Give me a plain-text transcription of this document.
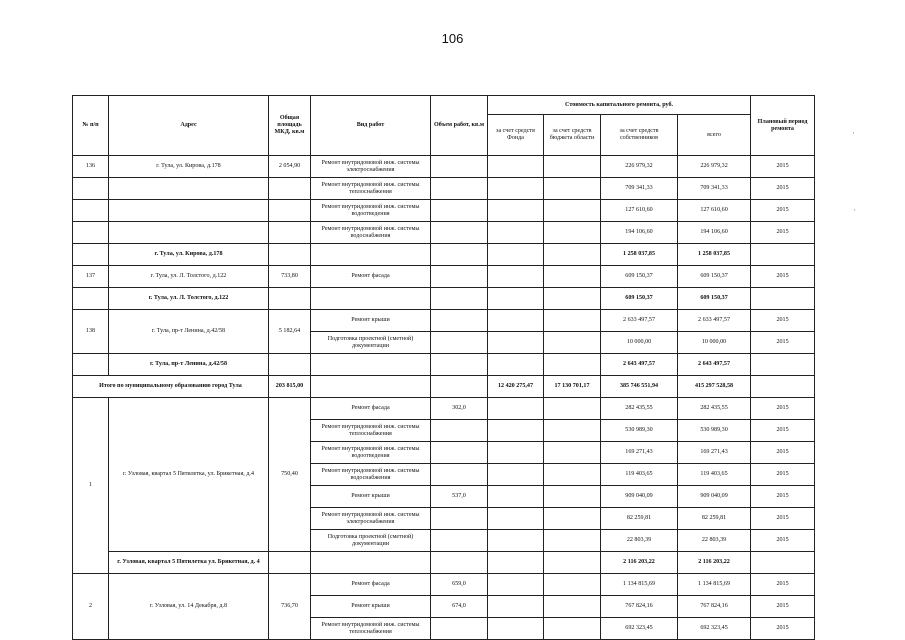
106
·
·
№ п/п	Адрес	Общая площадь МКД, кв.м	Вид работ	Объем работ, кв.м	Стоимость капитального ремонта, руб.				Плановый период ремонта
					за счет средств Фонда	за счет средств бюджета области	за счет средств собственников	всего	
136	г. Тула, ул. Кирова, д.178	2 054,90	Ремонт внутридомовой инж. системы электроснабжения				226 979,32	226 979,32	2015
			Ремонт внутридомовой инж. системы теплоснабжения				709 341,33	709 341,33	2015
			Ремонт внутридомовой инж. системы водоотведения				127 610,60	127 610,60	2015
			Ремонт внутридомовой инж. системы водоснабжения				194 106,60	194 106,60	2015
	г. Тула, ул. Кирова, д.178						1 258 037,85	1 258 037,85	
137	г. Тула, ул. Л. Толстого, д.122	733,80	Ремонт фасада				609 150,37	609 150,37	2015
	г. Тула, ул. Л. Толстого, д.122						609 150,37	609 150,37	
138	г. Тула, пр-т Ленина, д.42/58	5 182,64	Ремонт крыши				2 633 497,57	2 633 497,57	2015
			Подготовка проектной (сметной) документации				10 000,00	10 000,00	2015
	г. Тула, пр-т Ленина, д.42/58						2 643 497,57	2 643 497,57	
Итого по муниципальному образованию город Тула		203 815,00			12 420 275,47	17 130 701,17	385 746 551,94	415 297 528,58	
1	г. Узловая, квартал 5 Пятилетка, ул. Брикетная, д.4	750,40	Ремонт фасада	302,0			282 435,55	282 435,55	2015
			Ремонт внутридомовой инж. системы теплоснабжения				530 989,30	530 989,30	2015
			Ремонт внутридомовой инж. системы водоотведения				169 271,43	169 271,43	2015
			Ремонт внутридомовой инж. системы водоснабжения				119 403,65	119 403,65	2015
			Ремонт крыши	537,0			909 040,09	909 040,09	2015
			Ремонт внутридомовой инж. системы электроснабжения				82 259,81	82 259,81	2015
			Подготовка проектной (сметной) документации				22 803,39	22 803,39	2015
	г. Узловая, квартал 5 Пятилетка ул. Брикетная, д. 4						2 116 203,22	2 116 203,22	
2	г. Узловая, ул. 14 Декабря, д.8	736,70	Ремонт фасада	659,0			1 134 815,69	1 134 815,69	2015
			Ремонт крыши	674,0			767 824,16	767 824,16	2015
			Ремонт внутридомовой инж. системы теплоснабжения				692 323,45	692 323,45	2015
